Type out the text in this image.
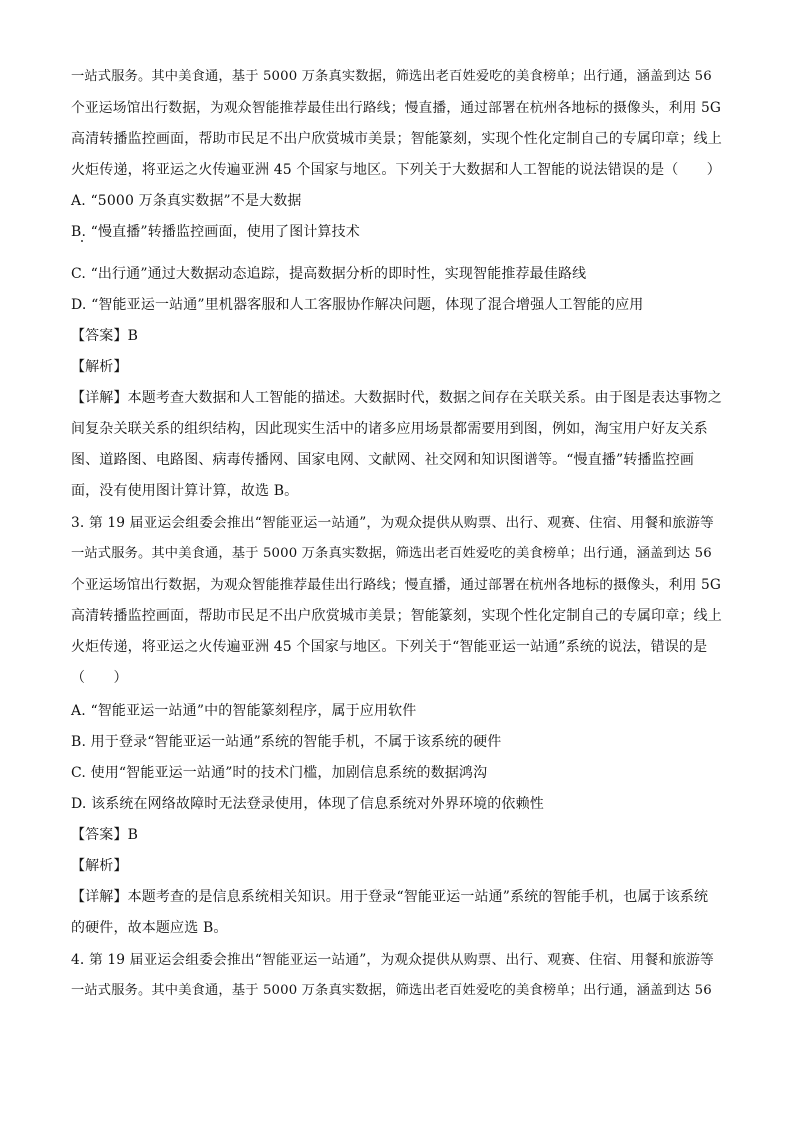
一站式服务。其中美食通，基于 5000 万条真实数据，筛选出老百姓爱吃的美食榜单；出行通，涵盖到达 56
个亚运场馆出行数据，为观众智能推荐最佳出行路线；慢直播，通过部署在杭州各地标的摄像头，利用 5G
高清转播监控画面，帮助市民足不出户欣赏城市美景；智能篆刻，实现个性化定制自己的专属印章；线上
火炬传递，将亚运之火传遍亚洲 45 个国家与地区。下列关于大数据和人工智能的说法错误的是（　　）
A. “5000 万条真实数据”不是大数据
B. “慢直播”转播监控画面，使用了图计算技术
C. “出行通”通过大数据动态追踪，提高数据分析的即时性，实现智能推荐最佳路线
D. “智能亚运一站通”里机器客服和人工客服协作解决问题，体现了混合增强人工智能的应用
【答案】B
【解析】
【详解】本题考查大数据和人工智能的描述。大数据时代，数据之间存在关联关系。由于图是表达事物之
间复杂关联关系的组织结构，因此现实生活中的诸多应用场景都需要用到图，例如，淘宝用户好友关系
图、道路图、电路图、病毒传播网、国家电网、文献网、社交网和知识图谱等。“慢直播”转播监控画
面，没有使用图计算计算，故选 B。
3. 第 19 届亚运会组委会推出“智能亚运一站通”，为观众提供从购票、出行、观赛、住宿、用餐和旅游等
一站式服务。其中美食通，基于 5000 万条真实数据，筛选出老百姓爱吃的美食榜单；出行通，涵盖到达 56
个亚运场馆出行数据，为观众智能推荐最佳出行路线；慢直播，通过部署在杭州各地标的摄像头，利用 5G
高清转播监控画面，帮助市民足不出户欣赏城市美景；智能篆刻，实现个性化定制自己的专属印章；线上
火炬传递，将亚运之火传遍亚洲 45 个国家与地区。下列关于“智能亚运一站通”系统的说法，错误的是
（　　）
A. “智能亚运一站通”中的智能篆刻程序，属于应用软件
B. 用于登录“智能亚运一站通”系统的智能手机，不属于该系统的硬件
C. 使用“智能亚运一站通”时的技术门槛，加剧信息系统的数据鸿沟
D. 该系统在网络故障时无法登录使用，体现了信息系统对外界环境的依赖性
【答案】B
【解析】
【详解】本题考查的是信息系统相关知识。用于登录“智能亚运一站通”系统的智能手机，也属于该系统
的硬件，故本题应选 B。
4. 第 19 届亚运会组委会推出“智能亚运一站通”，为观众提供从购票、出行、观赛、住宿、用餐和旅游等
一站式服务。其中美食通，基于 5000 万条真实数据，筛选出老百姓爱吃的美食榜单；出行通，涵盖到达 56
